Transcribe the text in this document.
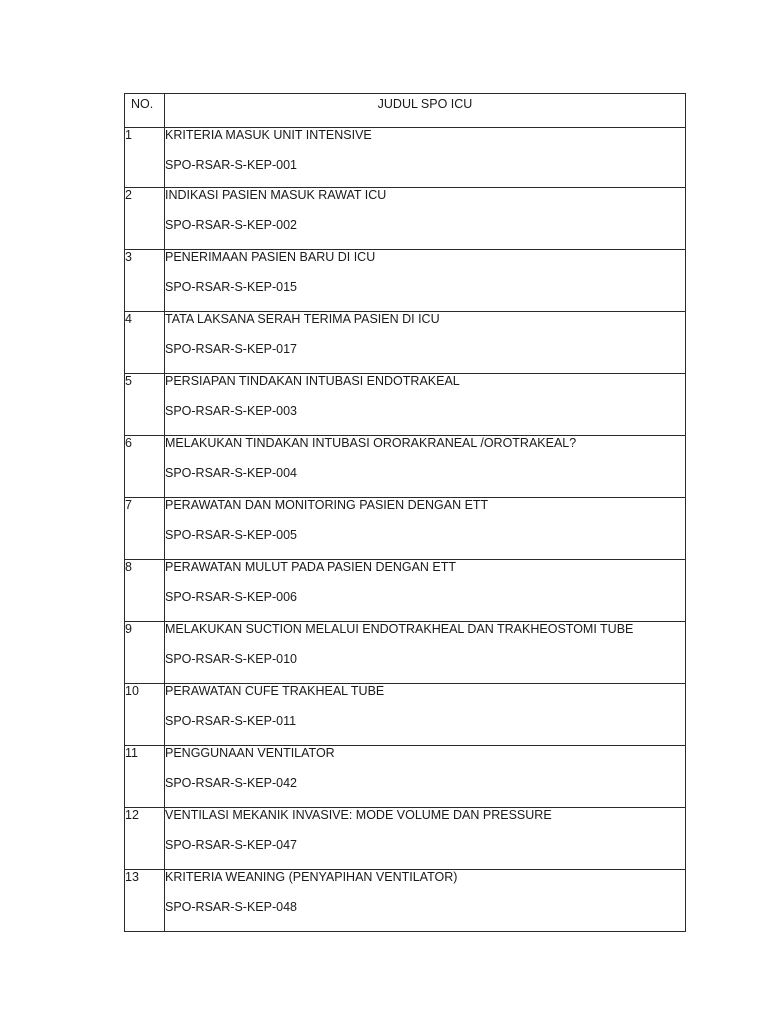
NO.	JUDUL SPO ICU
1	KRITERIA MASUK UNIT INTENSIVE
SPO-RSAR-S-KEP-001

2	INDIKASI PASIEN MASUK RAWAT ICU
SPO-RSAR-S-KEP-002

3	PENERIMAAN PASIEN BARU DI ICU
SPO-RSAR-S-KEP-015

4	TATA LAKSANA SERAH TERIMA PASIEN DI ICU
SPO-RSAR-S-KEP-017

5	PERSIAPAN TINDAKAN INTUBASI ENDOTRAKEAL
SPO-RSAR-S-KEP-003

6	MELAKUKAN TINDAKAN INTUBASI ORORAKRANEAL /OROTRAKEAL?
SPO-RSAR-S-KEP-004

7	PERAWATAN DAN MONITORING PASIEN DENGAN ETT
SPO-RSAR-S-KEP-005

8	PERAWATAN MULUT PADA PASIEN DENGAN ETT
SPO-RSAR-S-KEP-006

9	MELAKUKAN SUCTION MELALUI ENDOTRAKHEAL DAN TRAKHEOSTOMI TUBE
SPO-RSAR-S-KEP-010

10	PERAWATAN CUFE TRAKHEAL TUBE
SPO-RSAR-S-KEP-011

11	PENGGUNAAN VENTILATOR
SPO-RSAR-S-KEP-042

12	VENTILASI MEKANIK INVASIVE: MODE VOLUME DAN PRESSURE
SPO-RSAR-S-KEP-047

13	KRITERIA WEANING (PENYAPIHAN VENTILATOR)
SPO-RSAR-S-KEP-048
